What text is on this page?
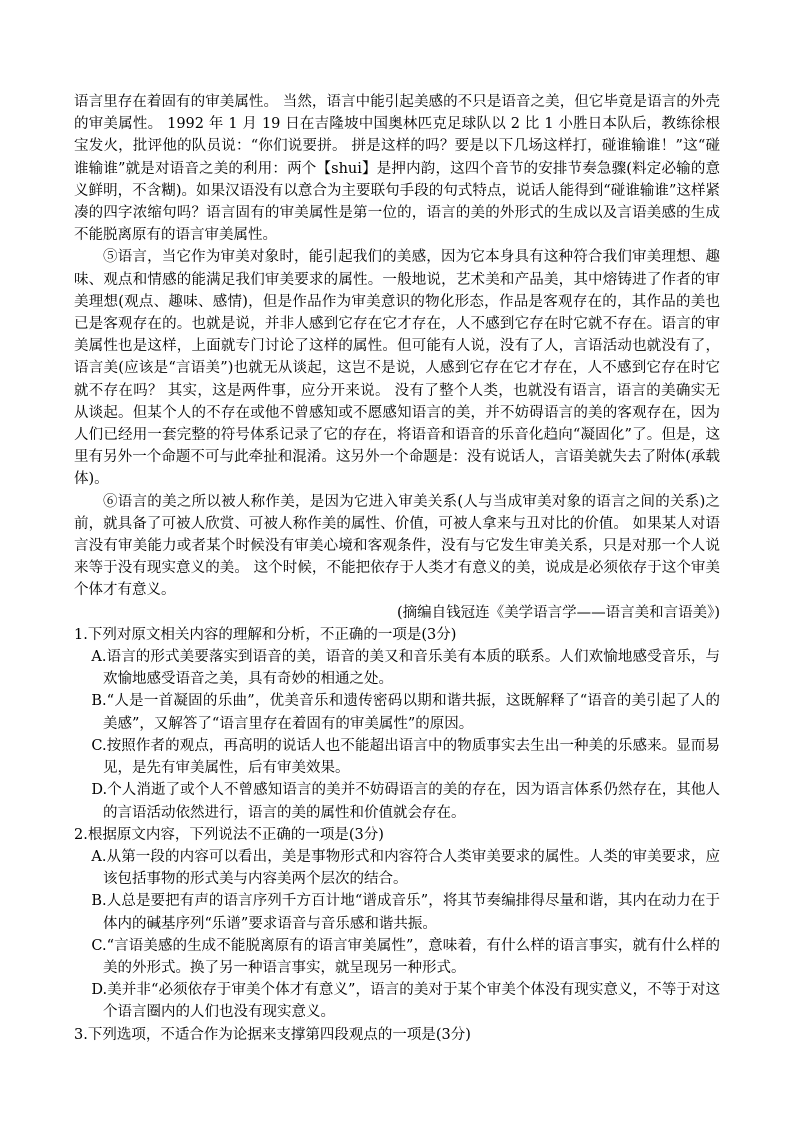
语言里存在着固有的审美属性。 当然，语言中能引起美感的不只是语音之美，但它毕竟是语言的外壳的审美属性。 1992 年 1 月 19 日在吉隆坡中国奥林匹克足球队以 2 比 1 小胜日本队后，教练徐根宝发火，批评他的队员说：“你们说要拼。 拼是这样的吗？要是以下几场这样打，碰谁输谁！”这“碰谁输谁”就是对语音之美的利用：两个【shui】是押内韵，这四个音节的安排节奏急骤(料定必输的意义鲜明，不含糊)。如果汉语没有以意合为主要联句手段的句式特点，说话人能得到“碰谁输谁”这样紧凑的四字浓缩句吗？语言固有的审美属性是第一位的，语言的美的外形式的生成以及言语美感的生成不能脱离原有的语言审美属性。

⑤语言，当它作为审美对象时，能引起我们的美感，因为它本身具有这种符合我们审美理想、趣味、观点和情感的能满足我们审美要求的属性。一般地说，艺术美和产品美，其中熔铸进了作者的审美理想(观点、趣味、感情)，但是作品作为审美意识的物化形态，作品是客观存在的，其作品的美也已是客观存在的。也就是说，并非人感到它存在它才存在，人不感到它存在时它就不存在。语言的审美属性也是这样，上面就专门讨论了这样的属性。但可能有人说，没有了人，言语活动也就没有了，语言美(应该是“言语美”)也就无从谈起，这岂不是说，人感到它存在它才存在，人不感到它存在时它就不存在吗？ 其实，这是两件事，应分开来说。 没有了整个人类，也就没有语言，语言的美确实无从谈起。但某个人的不存在或他不曾感知或不愿感知语言的美，并不妨碍语言的美的客观存在，因为人们已经用一套完整的符号体系记录了它的存在，将语音和语音的乐音化趋向“凝固化”了。但是，这里有另外一个命题不可与此牵扯和混淆。这另外一个命题是：没有说话人，言语美就失去了附体(承载体)。

⑥语言的美之所以被人称作美，是因为它进入审美关系(人与当成审美对象的语言之间的关系)之前，就具备了可被人欣赏、可被人称作美的属性、价值，可被人拿来与丑对比的价值。 如果某人对语言没有审美能力或者某个时候没有审美心境和客观条件，没有与它发生审美关系，只是对那一个人说来等于没有现实意义的美。 这个时候，不能把依存于人类才有意义的美，说成是必须依存于这个审美个体才有意义。

(摘编自钱冠连《美学语言学——语言美和言语美》)

1.下列对原文相关内容的理解和分析，不正确的一项是(3分)

A.语言的形式美要落实到语音的美，语音的美又和音乐美有本质的联系。人们欢愉地感受音乐，与欢愉地感受语音之美，具有奇妙的相通之处。

B.“人是一首凝固的乐曲”，优美音乐和遗传密码以期和谐共振，这既解释了“语音的美引起了人的美感”，又解答了“语言里存在着固有的审美属性”的原因。

C.按照作者的观点，再高明的说话人也不能超出语言中的物质事实去生出一种美的乐感来。显而易见，是先有审美属性，后有审美效果。

D.个人消逝了或个人不曾感知语言的美并不妨碍语言的美的存在，因为语言体系仍然存在，其他人的言语活动依然进行，语言的美的属性和价值就会存在。

2.根据原文内容，下列说法不正确的一项是(3分)

A.从第一段的内容可以看出，美是事物形式和内容符合人类审美要求的属性。人类的审美要求，应该包括事物的形式美与内容美两个层次的结合。

B.人总是要把有声的语言序列千方百计地“谱成音乐”，将其节奏编排得尽量和谐，其内在动力在于体内的碱基序列“乐谱”要求语音与音乐感和谐共振。

C.“言语美感的生成不能脱离原有的语言审美属性”，意味着，有什么样的语言事实，就有什么样的美的外形式。换了另一种语言事实，就呈现另一种形式。

D.美并非“必须依存于审美个体才有意义”，语言的美对于某个审美个体没有现实意义，不等于对这个语言圈内的人们也没有现实意义。

3.下列选项，不适合作为论据来支撑第四段观点的一项是(3分)
